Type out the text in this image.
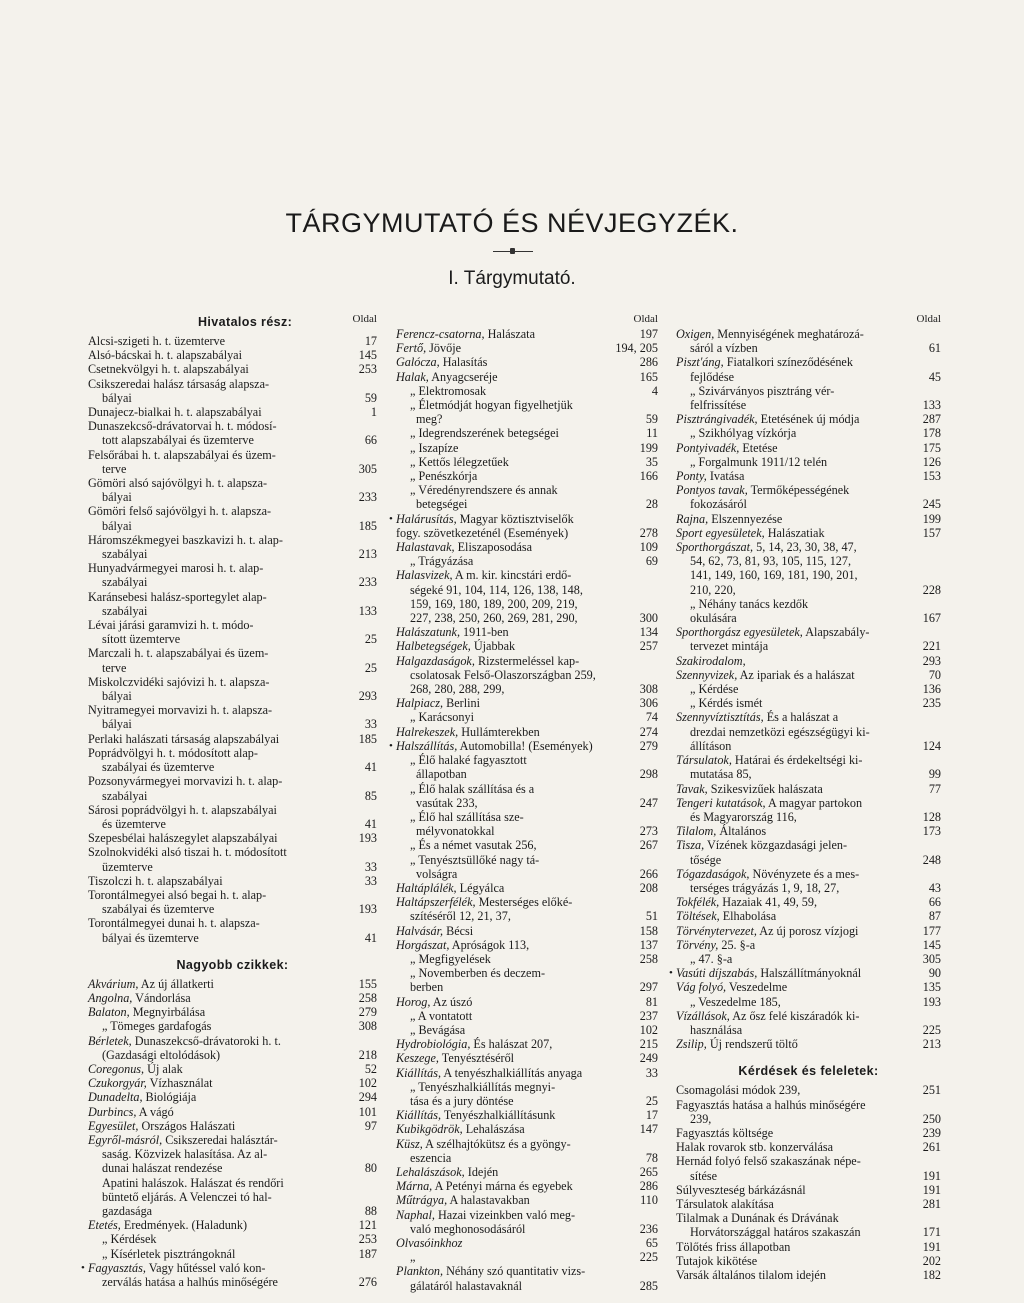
TÁRGYMUTATÓ ÉS NÉVJEGYZÉK.
I. Tárgymutató.
Oldal
Hivatalos rész:
Alcsi-szigeti h. t. üzemterve	17
Alsó-bácskai h. t. alapszabályai	145
Csetnekvölgyi h. t. alapszabályai	253
Csikszeredai halász társaság alapsza-
bályai	59
Dunajecz-bialkai h. t. alapszabályai	1
Dunaszekcső-drávatorvai h. t. módosí-
tott alapszabályai és üzemterve	66
Felsőrábai h. t. alapszabályai és üzem-
terve	305
Gömöri alsó sajóvölgyi h. t. alapsza-
bályai	233
Gömöri felső sajóvölgyi h. t. alapsza-
bályai	185
Háromszékmegyei baszkavizi h. t. alap-
szabályai	213
Hunyadvármegyei marosi h. t. alap-
szabályai	233
Karánsebesi halász-sportegylet alap-
szabályai	133
Lévai járási garamvizi h. t. módo-
sított üzemterve	25
Marczali h. t. alapszabályai és üzem-
terve	25
Miskolczvidéki sajóvizi h. t. alapsza-
bályai	293
Nyitramegyei morvavizi h. t. alapsza-
bályai	33
Perlaki halászati társaság alapszabályai	185
Poprádvölgyi h. t. módosított alap-
szabályai és üzemterve	41
Pozsonyvármegyei morvavizi h. t. alap-
szabályai	85
Sárosi poprádvölgyi h. t. alapszabályai
és üzemterve	41
Szepesbélai halászegylet alapszabályai	193
Szolnokvidéki alsó tiszai h. t. módosított
üzemterve	33
Tiszolczi h. t. alapszabályai	33
Torontálmegyei alsó begai h. t. alap-
szabályai és üzemterve	193
Torontálmegyei dunai h. t. alapsza-
bályai és üzemterve	41
Nagyobb czikkek:
Akvárium, Az új állatkerti	155
Angolna, Vándorlása	258
Balaton, Megnyirbálása	279
„ Tömeges gardafogás	308
Bérletek, Dunaszekcső-drávatoroki h. t.
(Gazdasági eltolódások)	218
Coregonus, Új alak	52
Czukorgyár, Vízhasználat	102
Dunadelta, Biológiája	294
Durbincs, A vágó	101
Egyesület, Országos Halászati	97
Egyről-másról, Csikszeredai halásztár-
saság. Közvizek halasítása. Az al-
dunai halászat rendezése	80
Apatini halászok. Halászat és rendőri
büntető eljárás. A Velenczei tó hal-
gazdasága	88
Etetés, Eredmények. (Haladunk)	121
„ Kérdések	253
„ Kísérletek pisztrángoknál	187
• Fagyasztás, Vagy hűtéssel való kon-
zerválás hatása a halhús minőségére	276
Oldal
Ferencz-csatorna, Halászata	197
Fertő, Jövője	194, 205
Galócza, Halasítás	286
Halak, Anyagcseréje	165
„ Elektromosak	4
„ Életmódját hogyan figyelhetjük
meg?	59
„ Idegrendszerének betegségei	11
„ Iszapíze	199
„ Kettős lélegzetűek	35
„ Penészkórja	166
„ Véredényrendszere és annak
betegségei	28
• Halárusítás, Magyar köztisztviselők
fogy. szövetkezeténél (Események)	278
Halastavak, Eliszaposodása	109
„ Trágyázása	69
Halasvizek, A m. kir. kincstári erdő-
ségeké 91, 104, 114, 126, 138, 148,
159, 169, 180, 189, 200, 209, 219,
227, 238, 250, 260, 269, 281, 290,	300
Halászatunk, 1911-ben	134
Halbetegségek, Újabbak	257
Halgazdaságok, Rizstermeléssel kap-
csolatosak Felső-Olaszországban 259,
268, 280, 288, 299,	308
Halpiacz, Berlini	306
„ Karácsonyi	74
Halrekeszek, Hullámterekben	274
• Halszállítás, Automobilla! (Események)	279
„ Élő halaké fagyasztott
állapotban	298
„ Élő halak szállítása és a
vasútak 233,	247
„ Élő hal szállítása sze-
mélyvonatokkal	273
„ És a német vasutak 256,	267
„ Tenyésztsüllőké nagy tá-
volságra	266
Haltáplálék, Légyálca	208
Haltápszerfélék, Mesterséges előké-
szítéséről 12, 21, 37,	51
Halvásár, Bécsi	158
Horgászat, Apróságok 113,	137
„ Megfigyelések	258
„ Novemberben és deczem-
berben	297
Horog, Az úszó	81
„ A vontatott	237
„ Bevágása	102
Hydrobiológia, És halászat 207,	215
Keszege, Tenyésztéséről	249
Kiállítás, A tenyészhalkiállítás anyaga	33
„ Tenyészhalkiállítás megnyi-
tása és a jury döntése	25
Kiállítás, Tenyészhalkiállításunk	17
Kubikgödrök, Lehalászása	147
Küsz, A szélhajtókütsz és a gyöngy-
eszencia	78
Lehalászások, Idején	265
Márna, A Petényi márna és egyebek	286
Műtrágya, A halastavakban	110
Naphal, Hazai vizeinkben való meg-
való meghonosodásáról	236
Olvasóinkhoz	65
„	225
Plankton, Néhány szó quantitativ vizs-
gálatáról halastavaknál	285
Oldal
Oxigen, Mennyiségének meghatározá-
sáról a vízben	61
Piszt'áng, Fiatalkori színeződésének
fejlődése	45
„ Szivárványos pisztráng vér-
felfrissítése	133
Pisztrángivadék, Etetésének új módja	287
„ Szikhólyag vízkórja	178
Pontyivadék, Etetése	175
„ Forgalmunk 1911/12 telén	126
Ponty, Ivatása	153
Pontyos tavak, Termőképességének
fokozásáról	245
Rajna, Elszennyezése	199
Sport egyesületek, Halászatiak	157
Sporthorgászat, 5, 14, 23, 30, 38, 47,
54, 62, 73, 81, 93, 105, 115, 127,
141, 149, 160, 169, 181, 190, 201,
210, 220,	228
„ Néhány tanács kezdők
okulására	167
Sporthorgász egyesületek, Alapszabály-
tervezet mintája	221
Szakirodalom,	293
Szennyvizek, Az ipariak és a halászat	70
„ Kérdése	136
„ Kérdés ismét	235
Szennyvíztisztítás, És a halászat a
drezdai nemzetközi egészségügyi ki-
állításon	124
Társulatok, Határai és érdekeltségi ki-
mutatása 85,	99
Tavak, Szikesvizűek halászata	77
Tengeri kutatások, A magyar partokon
és Magyarország 116,	128
Tilalom, Általános	173
Tisza, Vízének közgazdasági jelen-
tősége	248
Tógazdaságok, Növényzete és a mes-
terséges trágyázás 1, 9, 18, 27,	43
Tokfélék, Hazaiak 41, 49, 59,	66
Töltések, Elhabolása	87
Törvénytervezet, Az új porosz vízjogi	177
Törvény, 25. §-a	145
„ 47. §-a	305
• Vasúti díjszabás, Halszállítmányoknál	90
Vág folyó, Veszedelme	135
„ Veszedelme 185,	193
Vízállások, Az ősz felé kiszáradók ki-
használása	225
Zsilip, Új rendszerű töltő	213
Kérdések és feleletek:
Csomagolási módok 239,	251
Fagyasztás hatása a halhús minőségére
239,	250
Fagyasztás költsége	239
Halak rovarok stb. konzerválása	261
Hernád folyó felső szakaszának népe-
sítése	191
Súlyveszteség bárkázásnál	191
Társulatok alakítása	281
Tilalmak a Dunának és Drávának
Horvátországgal határos szakaszán	171
Tölőtés friss állapotban	191
Tutajok kikötése	202
Varsák általános tilalom idején	182
